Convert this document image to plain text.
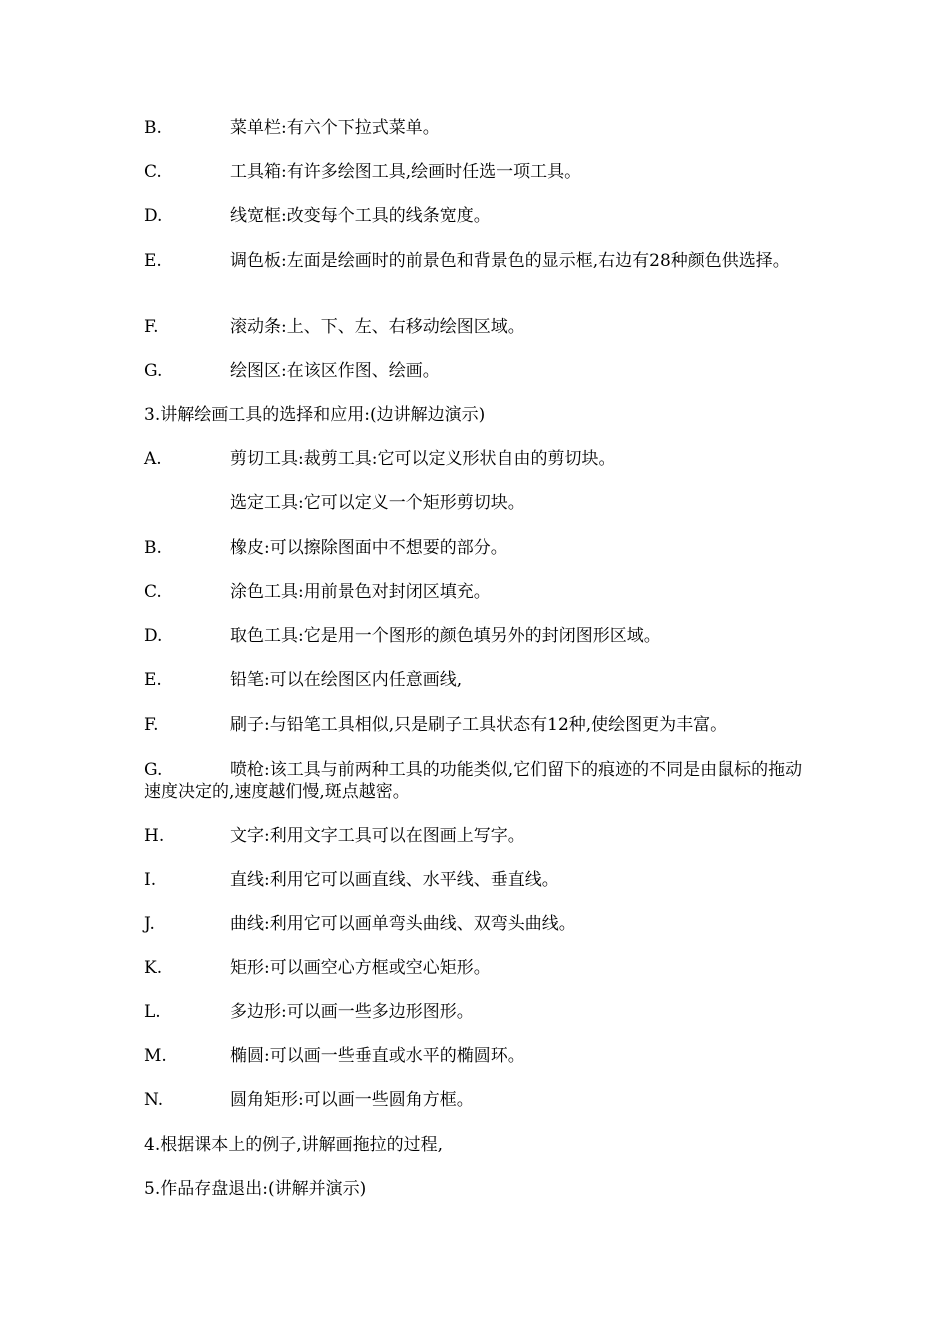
B.	菜单栏:有六个下拉式菜单。
C.	工具箱:有许多绘图工具,绘画时任选一项工具。
D.	线宽框:改变每个工具的线条宽度。
E.	调色板:左面是绘画时的前景色和背景色的显示框,右边有28种颜色供选择。
F.	滚动条:上、下、左、右移动绘图区域。
G.	绘图区:在该区作图、绘画。
3.讲解绘画工具的选择和应用:(边讲解边演示)
A.	剪切工具:裁剪工具:它可以定义形状自由的剪切块。
选定工具:它可以定义一个矩形剪切块。
B.	橡皮:可以擦除图面中不想要的部分。
C.	涂色工具:用前景色对封闭区填充。
D.	取色工具:它是用一个图形的颜色填另外的封闭图形区域。
E.	铅笔:可以在绘图区内任意画线,
F.	刷子:与铅笔工具相似,只是刷子工具状态有12种,使绘图更为丰富。
G.	喷枪:该工具与前两种工具的功能类似,它们留下的痕迹的不同是由鼠标的拖动速度决定的,速度越们慢,斑点越密。
H.	文字:利用文字工具可以在图画上写字。
I.	直线:利用它可以画直线、水平线、垂直线。
J.	曲线:利用它可以画单弯头曲线、双弯头曲线。
K.	矩形:可以画空心方框或空心矩形。
L.	多边形:可以画一些多边形图形。
M.	椭圆:可以画一些垂直或水平的椭圆环。
N.	圆角矩形:可以画一些圆角方框。
4.根据课本上的例子,讲解画拖拉的过程,
5.作品存盘退出:(讲解并演示)
